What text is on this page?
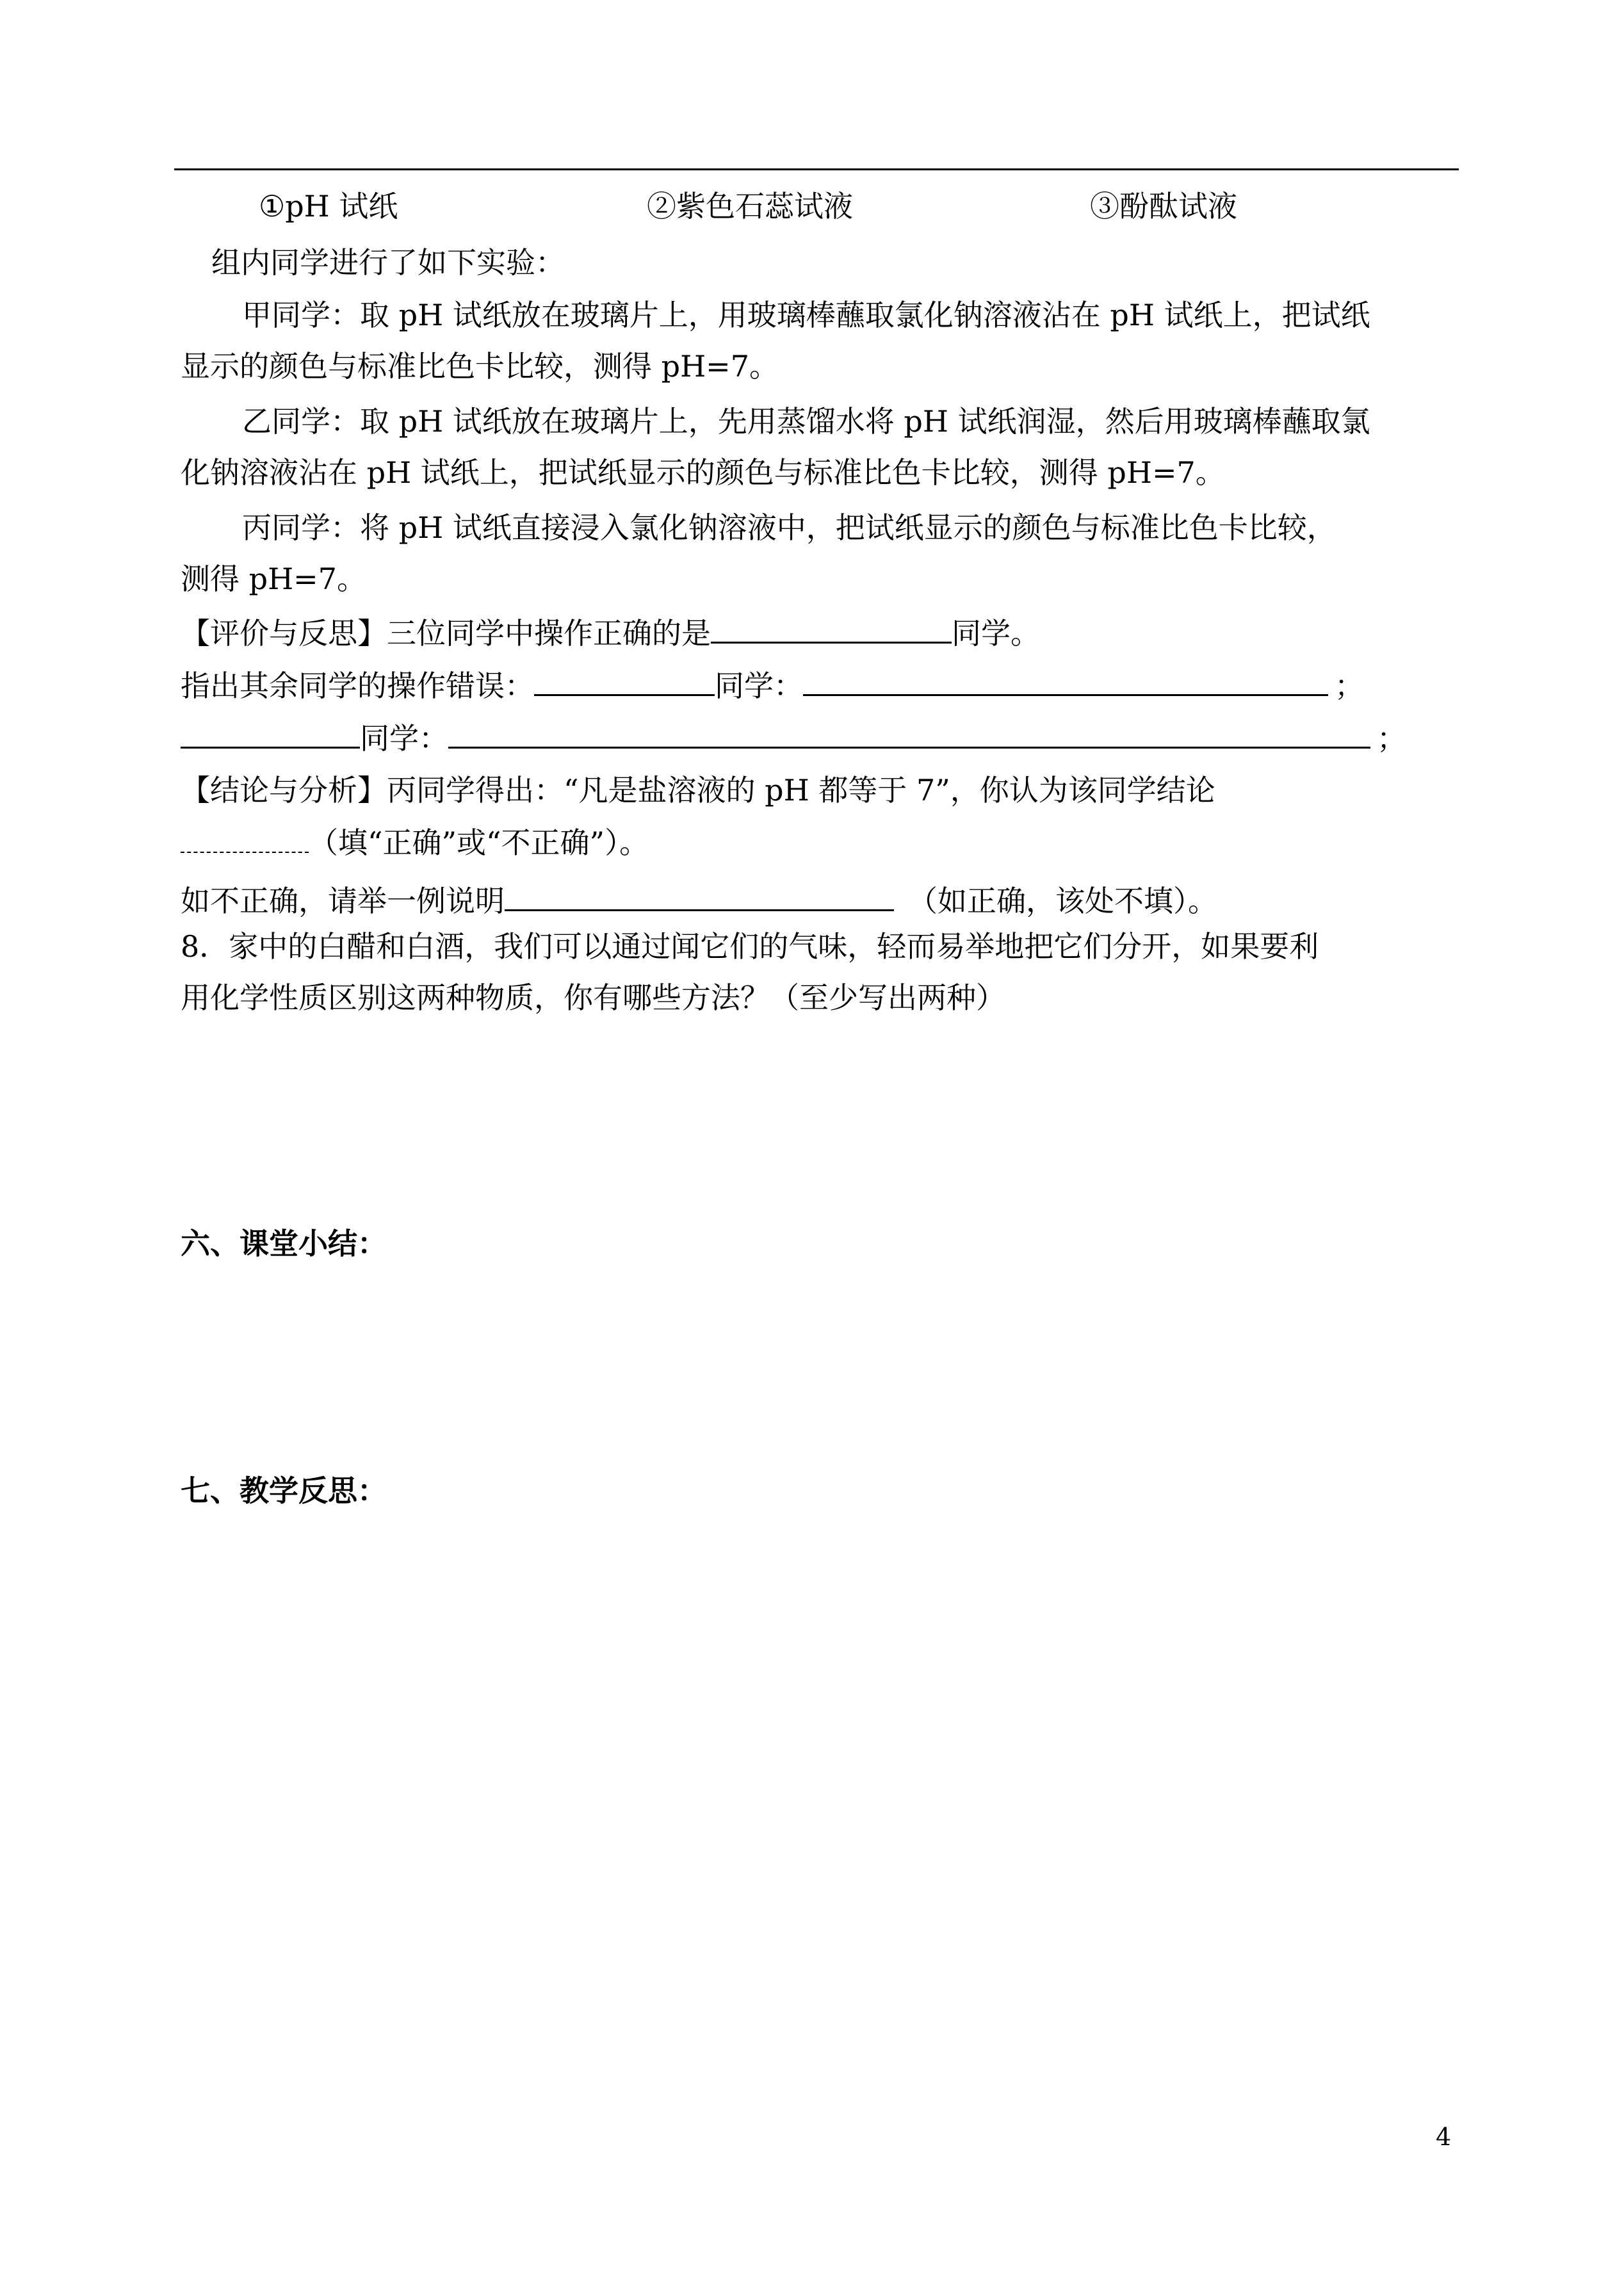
①pH 试纸	②紫色石蕊试液	③酚酞试液
组内同学进行了如下实验：
甲同学：取 pH 试纸放在玻璃片上，用玻璃棒蘸取氯化钠溶液沾在 pH 试纸上，把试纸
显示的颜色与标准比色卡比较，测得 pH=7。
乙同学：取 pH 试纸放在玻璃片上，先用蒸馏水将 pH 试纸润湿，然后用玻璃棒蘸取氯
化钠溶液沾在 pH 试纸上，把试纸显示的颜色与标准比色卡比较，测得 pH=7。
丙同学：将 pH 试纸直接浸入氯化钠溶液中，把试纸显示的颜色与标准比色卡比较，
测得 pH=7。
【评价与反思】三位同学中操作正确的是	同学。
指出其余同学的操作错误：	同学：	；
同学：	；
【结论与分析】丙同学得出：“凡是盐溶液的 pH 都等于 7”，你认为该同学结论
（填“正确”或“不正确”）。
如不正确，请举一例说明	（如正确，该处不填）。
8．家中的白醋和白酒，我们可以通过闻它们的气味，轻而易举地把它们分开，如果要利
用化学性质区别这两种物质，你有哪些方法？（至少写出两种）
六、课堂小结：
七、教学反思：
4
